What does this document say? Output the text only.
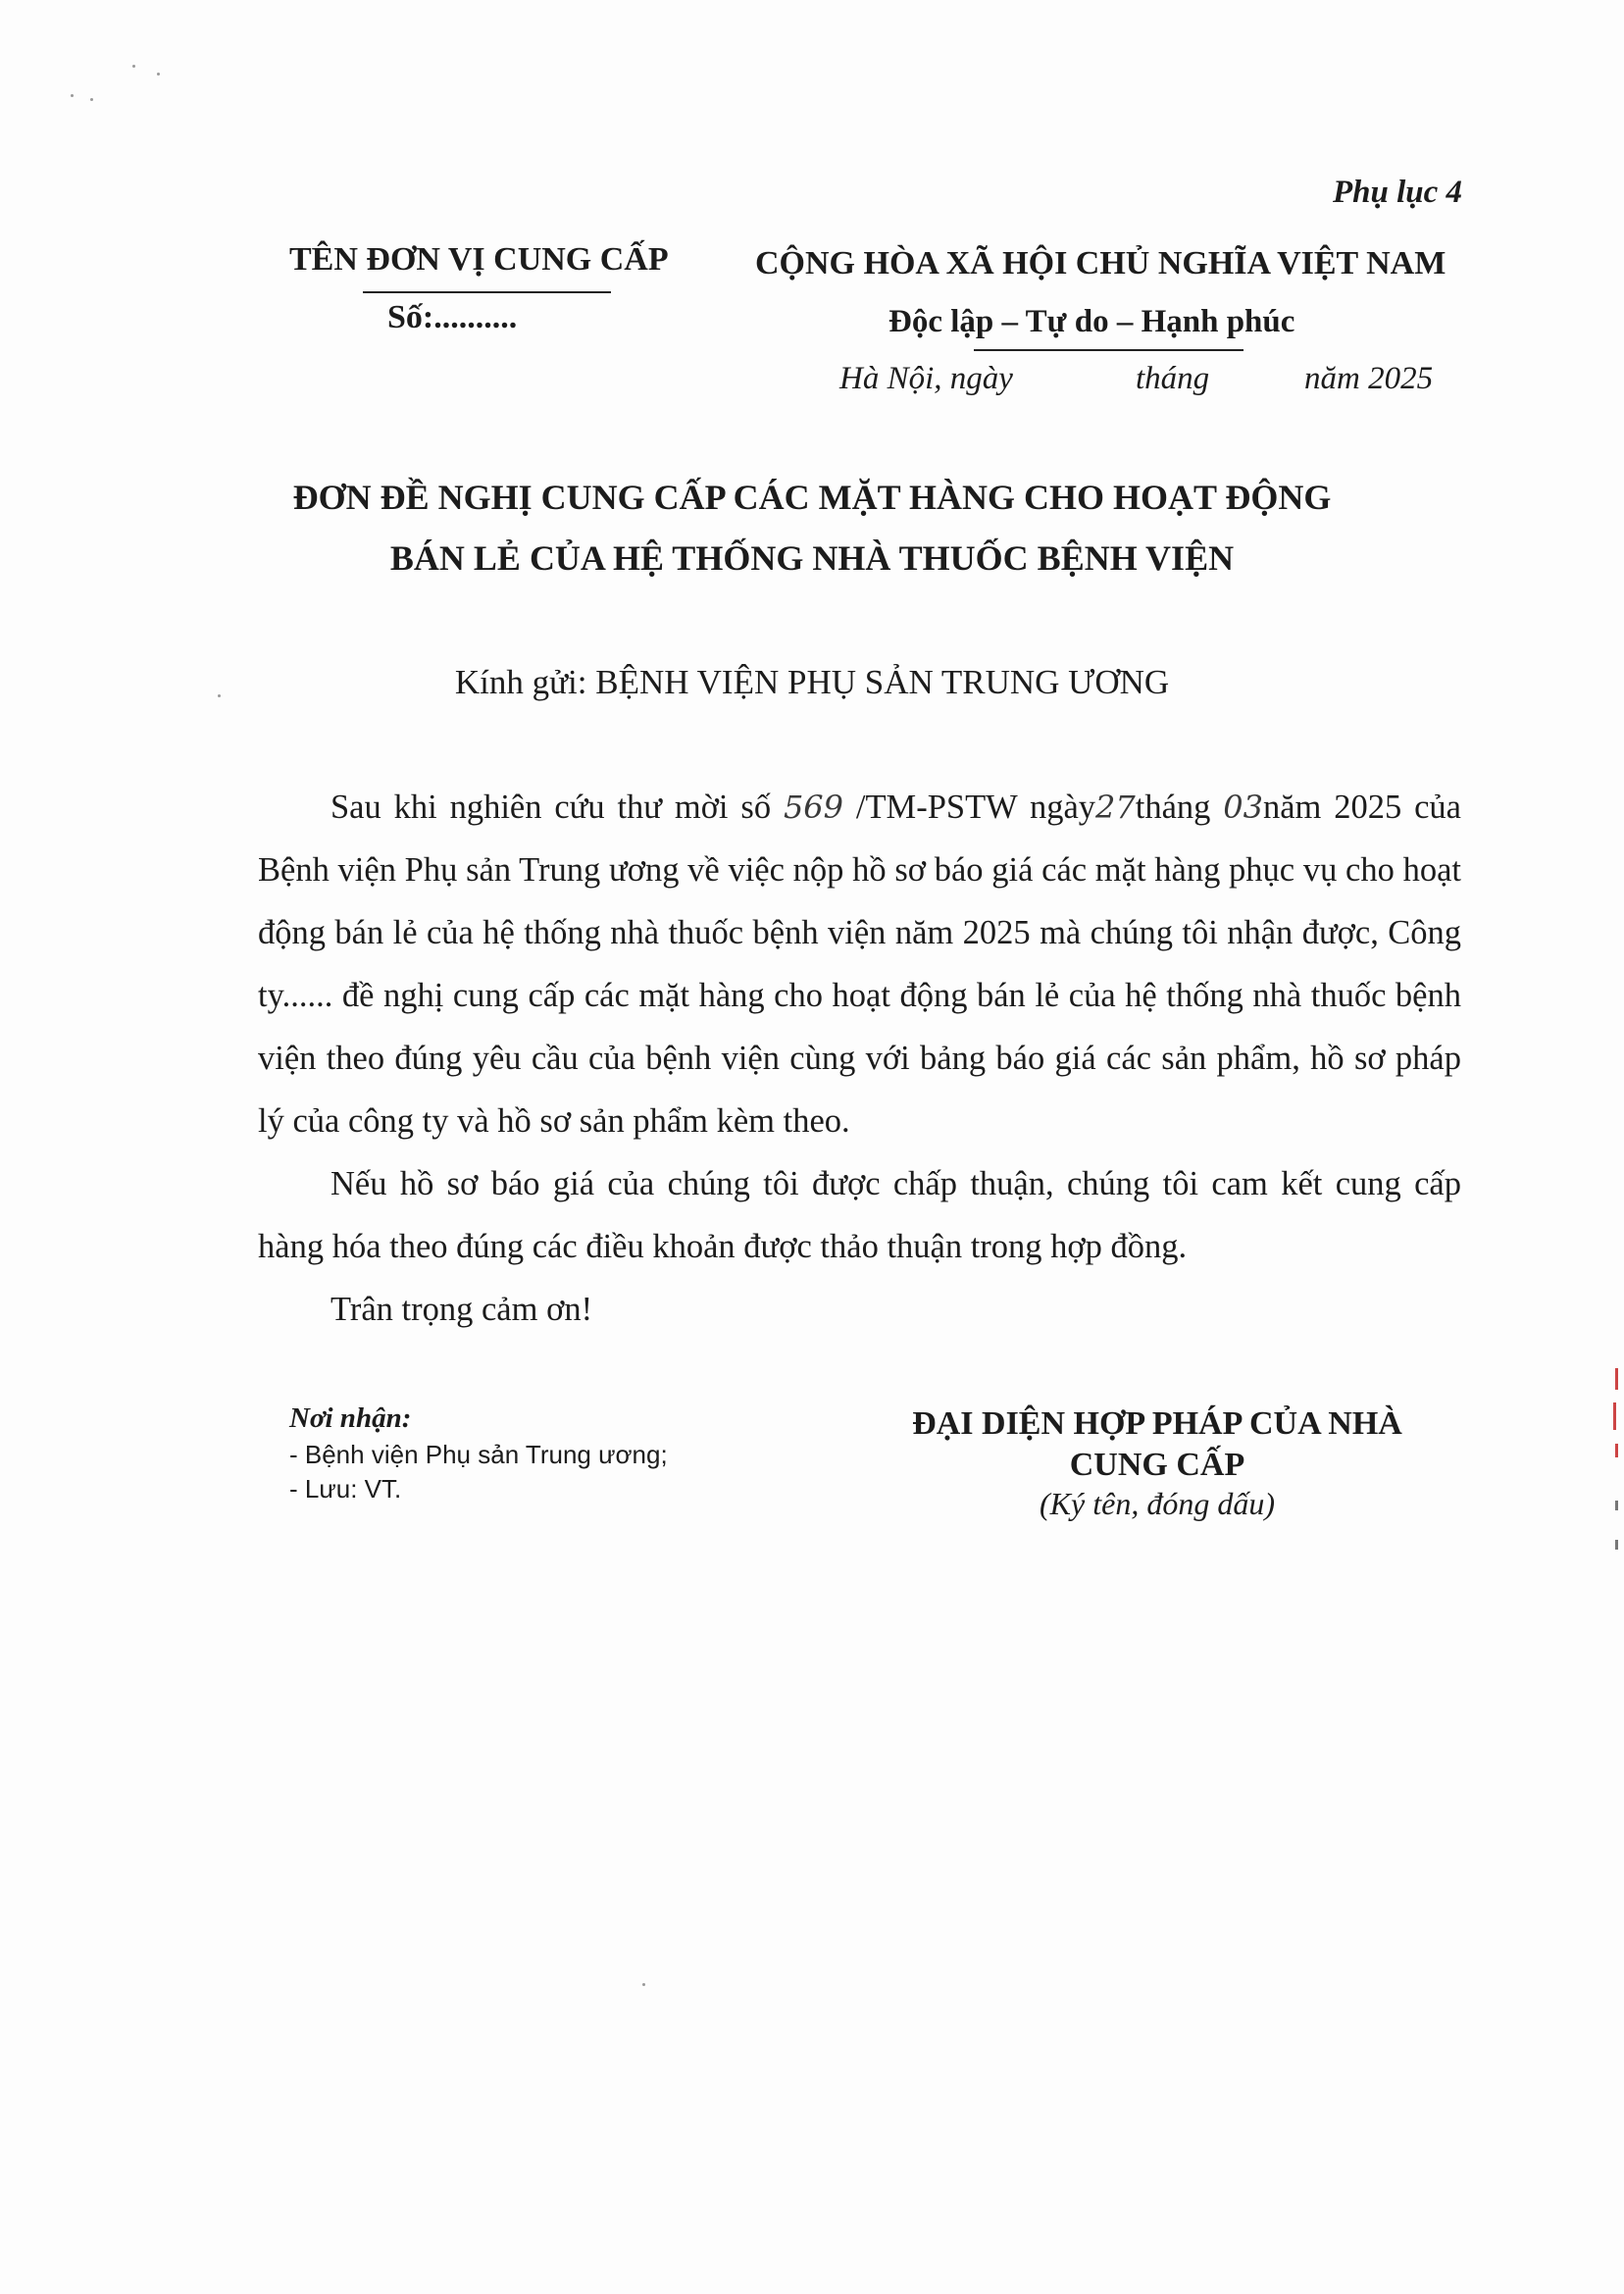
Phụ lục 4
TÊN ĐƠN VỊ CUNG CẤP
Số:..........
CỘNG HÒA XÃ HỘI CHỦ NGHĨA VIỆT NAM
Độc lập – Tự do – Hạnh phúc
Hà Nội, ngày	tháng	năm 2025
ĐƠN ĐỀ NGHỊ CUNG CẤP CÁC MẶT HÀNG CHO HOẠT ĐỘNG
BÁN LẺ CỦA HỆ THỐNG NHÀ THUỐC BỆNH VIỆN
Kính gửi: BỆNH VIỆN PHỤ SẢN TRUNG ƯƠNG

Sau khi nghiên cứu thư mời số 569 /TM-PSTW ngày27tháng 03năm 2025 của Bệnh viện Phụ sản Trung ương về việc nộp hồ sơ báo giá các mặt hàng phục vụ cho hoạt động bán lẻ của hệ thống nhà thuốc bệnh viện năm 2025 mà chúng tôi nhận được, Công ty...... đề nghị cung cấp các mặt hàng cho hoạt động bán lẻ của hệ thống nhà thuốc bệnh viện theo đúng yêu cầu của bệnh viện cùng với bảng báo giá các sản phẩm, hồ sơ pháp lý của công ty và hồ sơ sản phẩm kèm theo.

Nếu hồ sơ báo giá của chúng tôi được chấp thuận, chúng tôi cam kết cung cấp hàng hóa theo đúng các điều khoản được thảo thuận trong hợp đồng.

Trân trọng cảm ơn!

Nơi nhận:
- Bệnh viện Phụ sản Trung ương;
- Lưu: VT.
ĐẠI DIỆN HỢP PHÁP CỦA NHÀ
CUNG CẤP
(Ký tên, đóng dấu)
